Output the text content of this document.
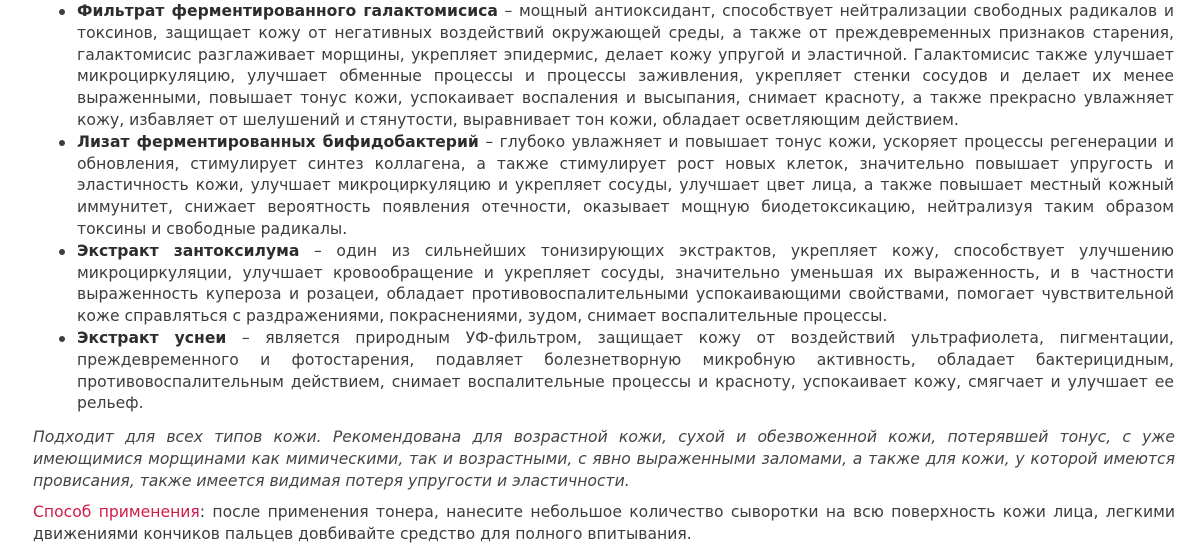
Фильтрат ферментированного галактомисиса – мощный антиоксидант, способствует нейтрализации свободных радикалов и токсинов, защищает кожу от негативных воздействий окружающей среды, а также от преждевременных признаков старения, галактомисис разглаживает морщины, укрепляет эпидермис, делает кожу упругой и эластичной. Галактомисис также улучшает микроциркуляцию, улучшает обменные процессы и процессы заживления, укрепляет стенки сосудов и делает их менее выраженными, повышает тонус кожи, успокаивает воспаления и высыпания, снимает красноту, а также прекрасно увлажняет кожу, избавляет от шелушений и стянутости, выравнивает тон кожи, обладает осветляющим действием.
Лизат ферментированных бифидобактерий – глубоко увлажняет и повышает тонус кожи, ускоряет процессы регенерации и обновления, стимулирует синтез коллагена, а также стимулирует рост новых клеток, значительно повышает упругость и эластичность кожи, улучшает микроциркуляцию и укрепляет сосуды, улучшает цвет лица, а также повышает местный кожный иммунитет, снижает вероятность появления отечности, оказывает мощную биодетоксикацию, нейтрализуя таким образом токсины и свободные радикалы.
Экстракт зантоксилума – один из сильнейших тонизирующих экстрактов, укрепляет кожу, способствует улучшению микроциркуляции, улучшает кровообращение и укрепляет сосуды, значительно уменьшая их выраженность, и в частности выраженность купероза и розацеи, обладает противовоспалительными успокаивающими свойствами, помогает чувствительной коже справляться с раздражениями, покраснениями, зудом, снимает воспалительные процессы.
Экстракт уснеи – является природным УФ-фильтром, защищает кожу от воздействий ультрафиолета, пигментации, преждевременного и фотостарения, подавляет болезнетворную микробную активность, обладает бактерицидным, противовоспалительным действием, снимает воспалительные процессы и красноту, успокаивает кожу, смягчает и улучшает ее рельеф.

Подходит для всех типов кожи. Рекомендована для возрастной кожи, сухой и обезвоженной кожи, потерявшей тонус, с уже имеющимися морщинами как мимическими, так и возрастными, с явно выраженными заломами, а также для кожи, у которой имеются провисания, также имеется видимая потеря упругости и эластичности.

Способ применения: после применения тонера, нанесите небольшое количество сыворотки на всю поверхность кожи лица, легкими движениями кончиков пальцев довбивайте средство для полного впитывания.
